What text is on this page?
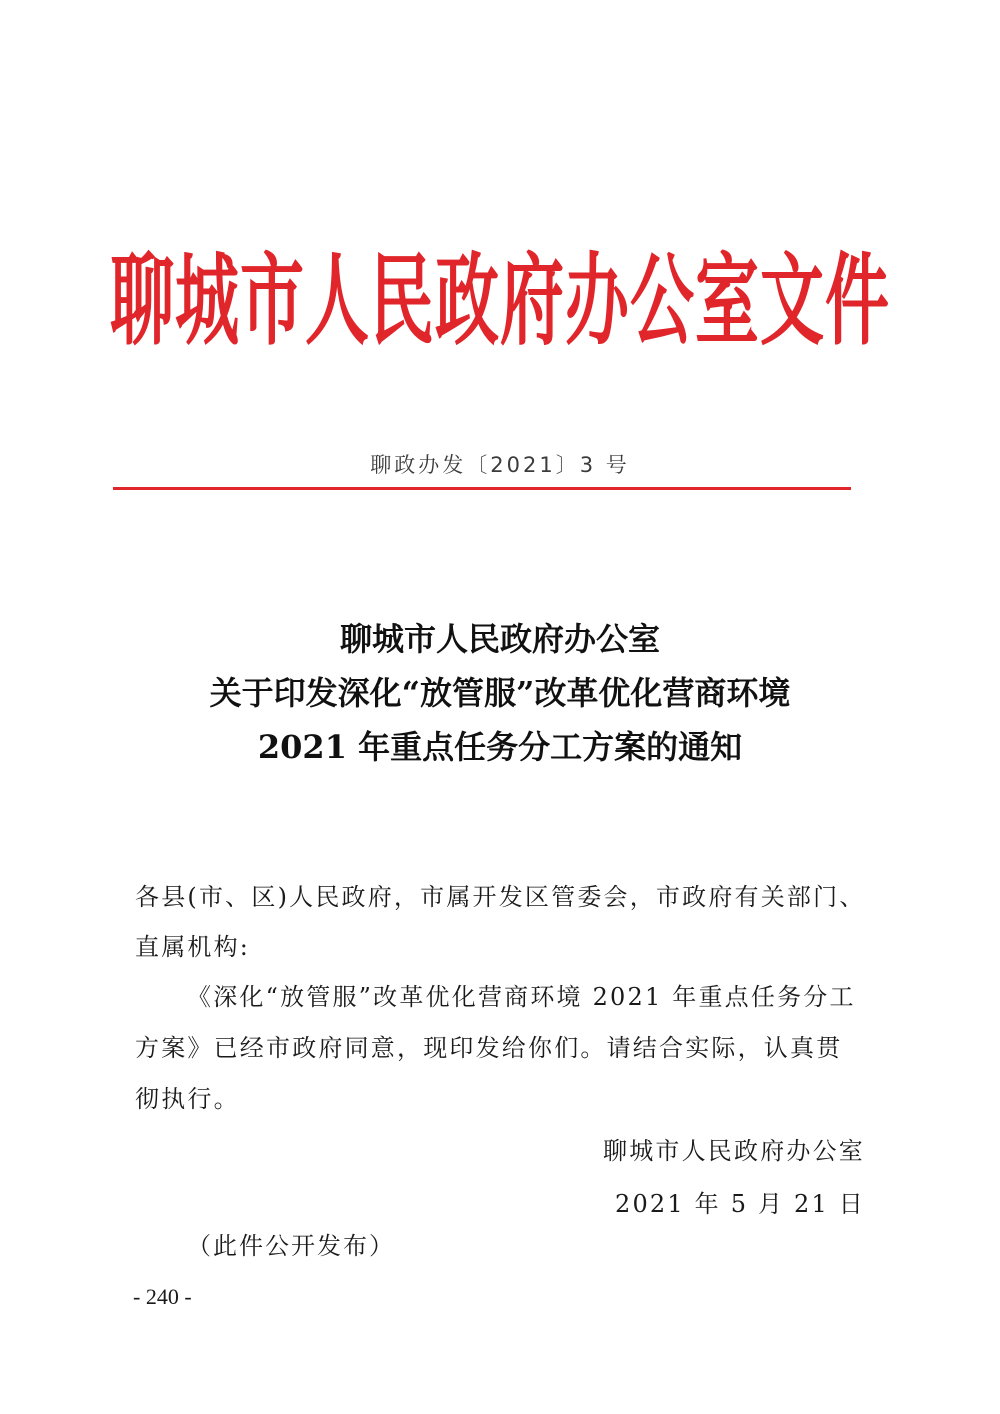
聊城市人民政府办公室文件
聊政办发〔2021〕3 号
聊城市人民政府办公室
关于印发深化“放管服”改革优化营商环境
2021 年重点任务分工方案的通知
各县(市、区)人民政府，市属开发区管委会，市政府有关部门、
直属机构:
《深化“放管服”改革优化营商环境 2021 年重点任务分工
方案》已经市政府同意，现印发给你们。请结合实际，认真贯
彻执行。
聊城市人民政府办公室
2021 年 5 月 21 日
（此件公开发布）
- 240 -
